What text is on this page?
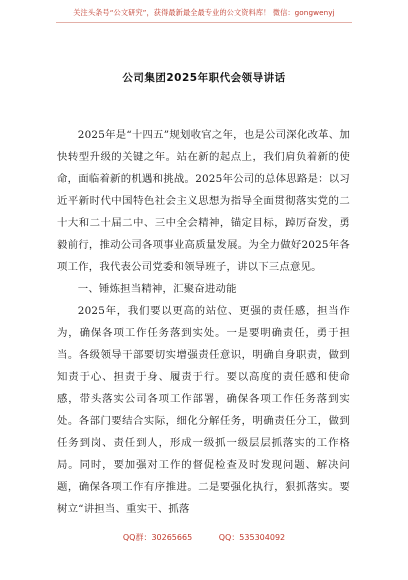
关注头条号“公文研究”，获得最新最全最专业的公文资料库！ 微信：gongwenyj
公司集团2025年职代会领导讲话

2025年是“十四五”规划收官之年，也是公司深化改革、加快转型升级的关键之年。站在新的起点上，我们肩负着新的使命，面临着新的机遇和挑战。2025年公司的总体思路是：以习近平新时代中国特色社会主义思想为指导全面贯彻落实党的二十大和二十届二中、三中全会精神，锚定目标，踔厉奋发，勇毅前行，推动公司各项事业高质量发展。为全力做好2025年各项工作，我代表公司党委和领导班子，讲以下三点意见。

一、锤炼担当精神，汇聚奋进动能

2025年，我们要以更高的站位、更强的责任感，担当作为，确保各项工作任务落到实处。一是要明确责任，勇于担当。各级领导干部要切实增强责任意识，明确自身职责，做到知责于心、担责于身、履责于行。要以高度的责任感和使命感，带头落实公司各项工作部署，确保各项工作任务落到实处。各部门要结合实际，细化分解任务，明确责任分工，做到任务到岗、责任到人，形成一级抓一级层层抓落实的工作格局。同时，要加强对工作的督促检查及时发现问题、解决问题，确保各项工作有序推进。二是要强化执行，狠抓落实。要树立“讲担当、重实干、抓落

QQ群：30265665	QQ：535304092
